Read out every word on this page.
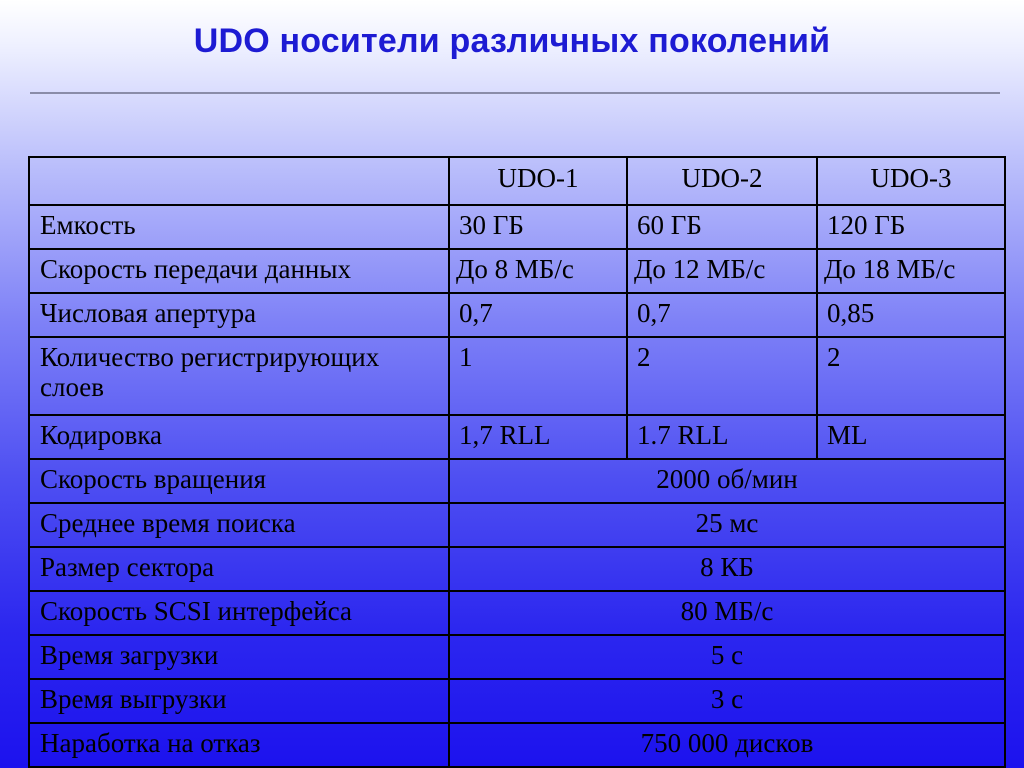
UDO носители различных поколений
	UDO-1	UDO-2	UDO-3
Емкость	30 ГБ	60 ГБ	120 ГБ
Скорость передачи данных	До 8 МБ/с	До 12 МБ/с	До 18 МБ/с
Числовая апертура	0,7	0,7	0,85
Количество регистрирующих слоев	1	2	2
Кодировка	1,7 RLL	1.7 RLL	ML
Скорость вращения	2000 об/мин		
Среднее время поиска	25 мс		
Размер сектора	8 КБ		
Скорость SCSI интерфейса	80 МБ/с		
Время загрузки	5 с		
Время выгрузки	3 с		
Наработка на отказ	750 000 дисков		
